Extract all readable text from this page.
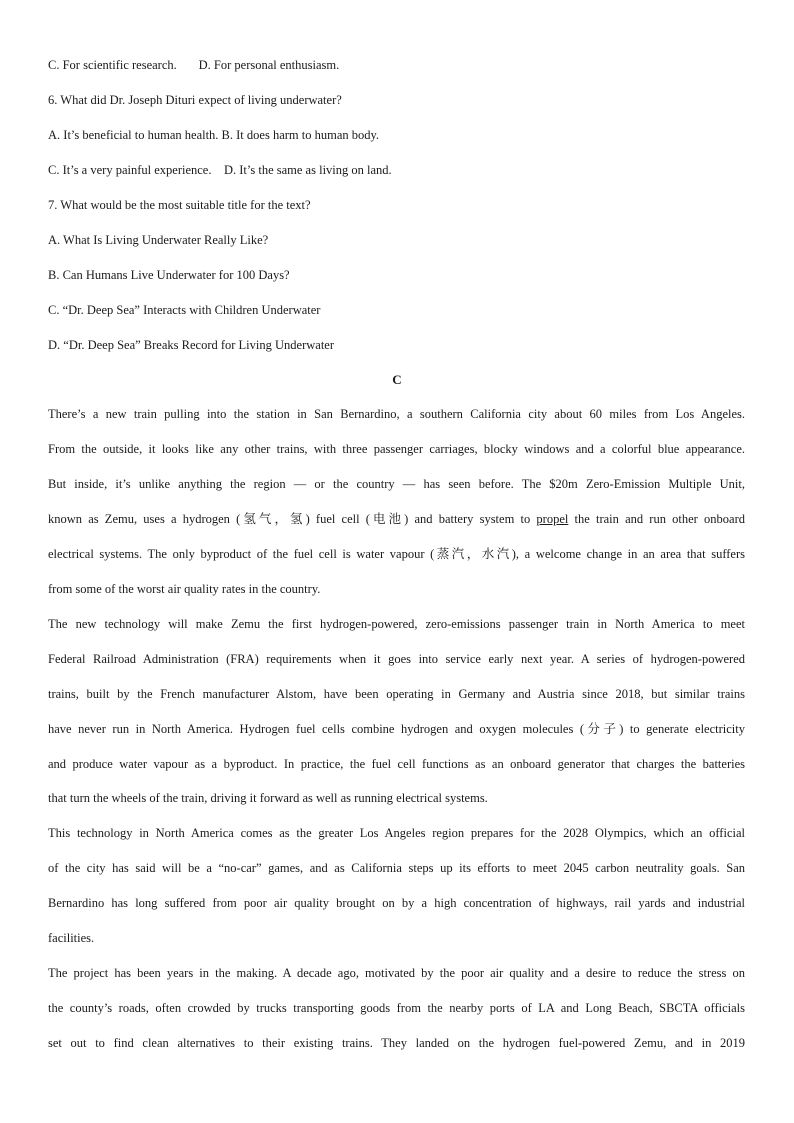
C. For scientific research.       D. For personal enthusiasm.
6. What did Dr. Joseph Dituri expect of living underwater?
A. It’s beneficial to human health. B. It does harm to human body.
C. It’s a very painful experience.    D. It’s the same as living on land.
7. What would be the most suitable title for the text?
A. What Is Living Underwater Really Like?
B. Can Humans Live Underwater for 100 Days?
C. “Dr. Deep Sea” Interacts with Children Underwater
D. “Dr. Deep Sea” Breaks Record for Living Underwater
C
There’s a new train pulling into the station in San Bernardino, a southern California city about 60 miles from Los Angeles.
From the outside, it looks like any other trains, with three passenger carriages, blocky windows and a colorful blue appearance.
But inside, it’s unlike anything the region — or the country — has seen before. The $20m Zero-Emission Multiple Unit,
known as Zemu, uses a hydrogen (氢气，氢) fuel cell (电池) and battery system to propel the train and run other onboard
electrical systems. The only byproduct of the fuel cell is water vapour (蒸汽，水汽), a welcome change in an area that suffers
from some of the worst air quality rates in the country.
The new technology will make Zemu the first hydrogen-powered, zero-emissions passenger train in North America to meet
Federal Railroad Administration (FRA) requirements when it goes into service early next year. A series of hydrogen-powered
trains, built by the French manufacturer Alstom, have been operating in Germany and Austria since 2018, but similar trains
have never run in North America. Hydrogen fuel cells combine hydrogen and oxygen molecules (分子) to generate electricity
and produce water vapour as a byproduct. In practice, the fuel cell functions as an onboard generator that charges the batteries
that turn the wheels of the train, driving it forward as well as running electrical systems.
This technology in North America comes as the greater Los Angeles region prepares for the 2028 Olympics, which an official
of the city has said will be a “no-car” games, and as California steps up its efforts to meet 2045 carbon neutrality goals. San
Bernardino has long suffered from poor air quality brought on by a high concentration of highways, rail yards and industrial
facilities.
The project has been years in the making. A decade ago, motivated by the poor air quality and a desire to reduce the stress on
the county’s roads, often crowded by trucks transporting goods from the nearby ports of LA and Long Beach, SBCTA officials
set out to find clean alternatives to their existing trains. They landed on the hydrogen fuel-powered Zemu, and in 2019
